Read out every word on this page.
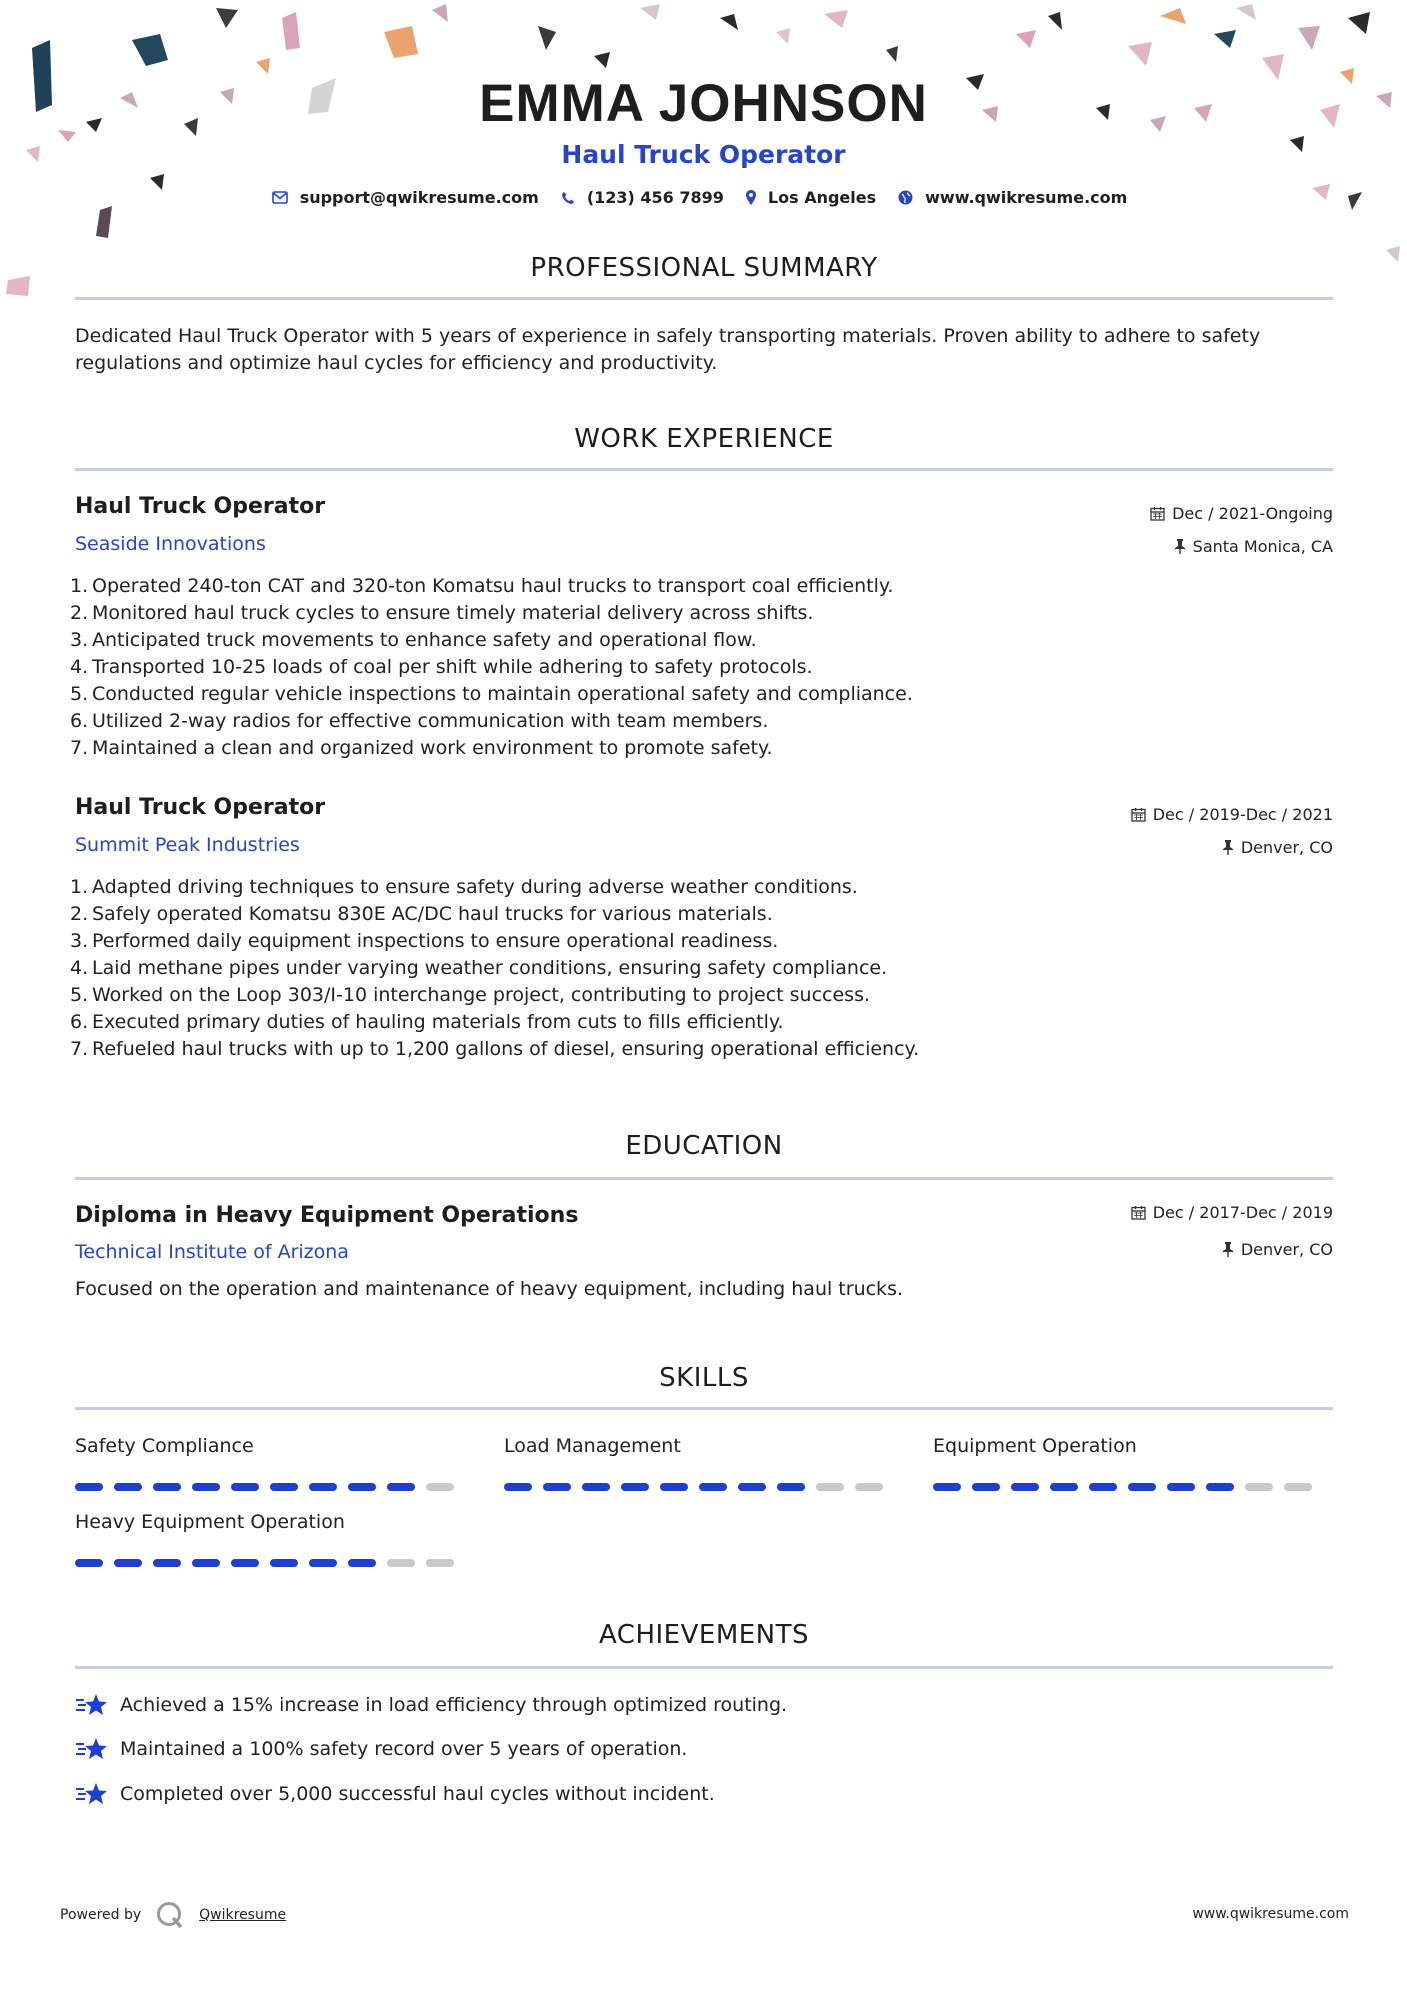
EMMA JOHNSON
Haul Truck Operator
support@qwikresume.com	(123) 456 7899	Los Angeles	www.qwikresume.com
PROFESSIONAL SUMMARY
Dedicated Haul Truck Operator with 5 years of experience in safely transporting materials. Proven ability to adhere to safety regulations and optimize haul cycles for efficiency and productivity.
WORK EXPERIENCE
Haul Truck Operator
Seaside Innovations
Dec / 2021-Ongoing
Santa Monica, CA
1. Operated 240-ton CAT and 320-ton Komatsu haul trucks to transport coal efficiently.
2. Monitored haul truck cycles to ensure timely material delivery across shifts.
3. Anticipated truck movements to enhance safety and operational flow.
4. Transported 10-25 loads of coal per shift while adhering to safety protocols.
5. Conducted regular vehicle inspections to maintain operational safety and compliance.
6. Utilized 2-way radios for effective communication with team members.
7. Maintained a clean and organized work environment to promote safety.
Haul Truck Operator
Summit Peak Industries
Dec / 2019-Dec / 2021
Denver, CO
1. Adapted driving techniques to ensure safety during adverse weather conditions.
2. Safely operated Komatsu 830E AC/DC haul trucks for various materials.
3. Performed daily equipment inspections to ensure operational readiness.
4. Laid methane pipes under varying weather conditions, ensuring safety compliance.
5. Worked on the Loop 303/I-10 interchange project, contributing to project success.
6. Executed primary duties of hauling materials from cuts to fills efficiently.
7. Refueled haul trucks with up to 1,200 gallons of diesel, ensuring operational efficiency.
EDUCATION
Diploma in Heavy Equipment Operations
Technical Institute of Arizona
Dec / 2017-Dec / 2019
Denver, CO
Focused on the operation and maintenance of heavy equipment, including haul trucks.
SKILLS
Safety Compliance	Load Management	Equipment Operation
Heavy Equipment Operation
ACHIEVEMENTS
Achieved a 15% increase in load efficiency through optimized routing.
Maintained a 100% safety record over 5 years of operation.
Completed over 5,000 successful haul cycles without incident.
Powered by	Qwikresume	www.qwikresume.com
